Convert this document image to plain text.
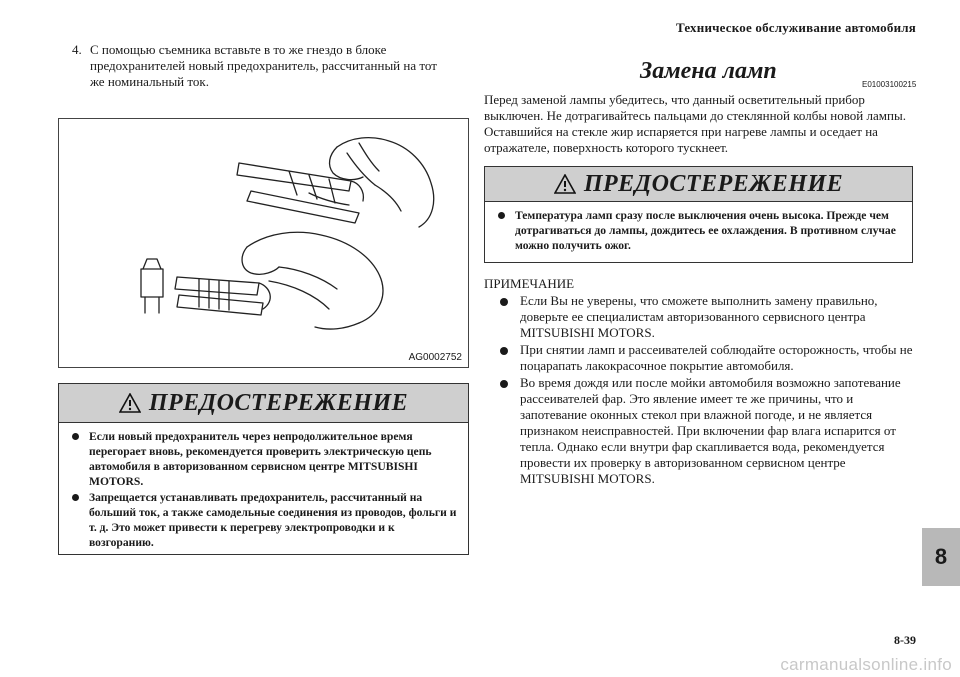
Техническое обслуживание автомобиля
4. С помощью съемника вставьте в то же гнездо в блоке предохранителей новый предохранитель, рассчитанный на тот же номинальный ток.
AG0002752
ПРЕДОСТЕРЕЖЕНИЕ
Если новый предохранитель через непродолжительное время перегорает вновь, рекомендуется проверить электрическую цепь автомобиля в авторизованном сервисном центре MITSUBISHI MOTORS.
Запрещается устанавливать предохранитель, рассчитанный на больший ток, а также самодельные соединения из проводов, фольги и т. д. Это может привести к перегреву электропроводки и к возгоранию.
Замена ламп
E01003100215
Перед заменой лампы убедитесь, что данный осветительный прибор выключен. Не дотрагивайтесь пальцами до стеклянной колбы новой лампы. Оставшийся на стекле жир испаряется при нагреве лампы и оседает на отражателе, поверхность которого тускнеет.
ПРЕДОСТЕРЕЖЕНИЕ
Температура ламп сразу после выключения очень высока. Прежде чем дотрагиваться до лампы, дождитесь ее охлаждения. В противном случае можно получить ожог.
ПРИМЕЧАНИЕ
Если Вы не уверены, что сможете выполнить замену правильно, доверьте ее специалистам авторизованного сервисного центра MITSUBISHI MOTORS.
При снятии ламп и рассеивателей соблюдайте осторожность, чтобы не поцарапать лакокрасочное покрытие автомобиля.
Во время дождя или после мойки автомобиля возможно запотевание рассеивателей фар. Это явление имеет те же причины, что и запотевание оконных стекол при влажной погоде, и не является признаком неисправностей. При включении фар влага испарится от тепла. Однако если внутри фар скапливается вода, рекомендуется провести их проверку в авторизованном сервисном центре MITSUBISHI MOTORS.
8
8-39
carmanualsonline.info
